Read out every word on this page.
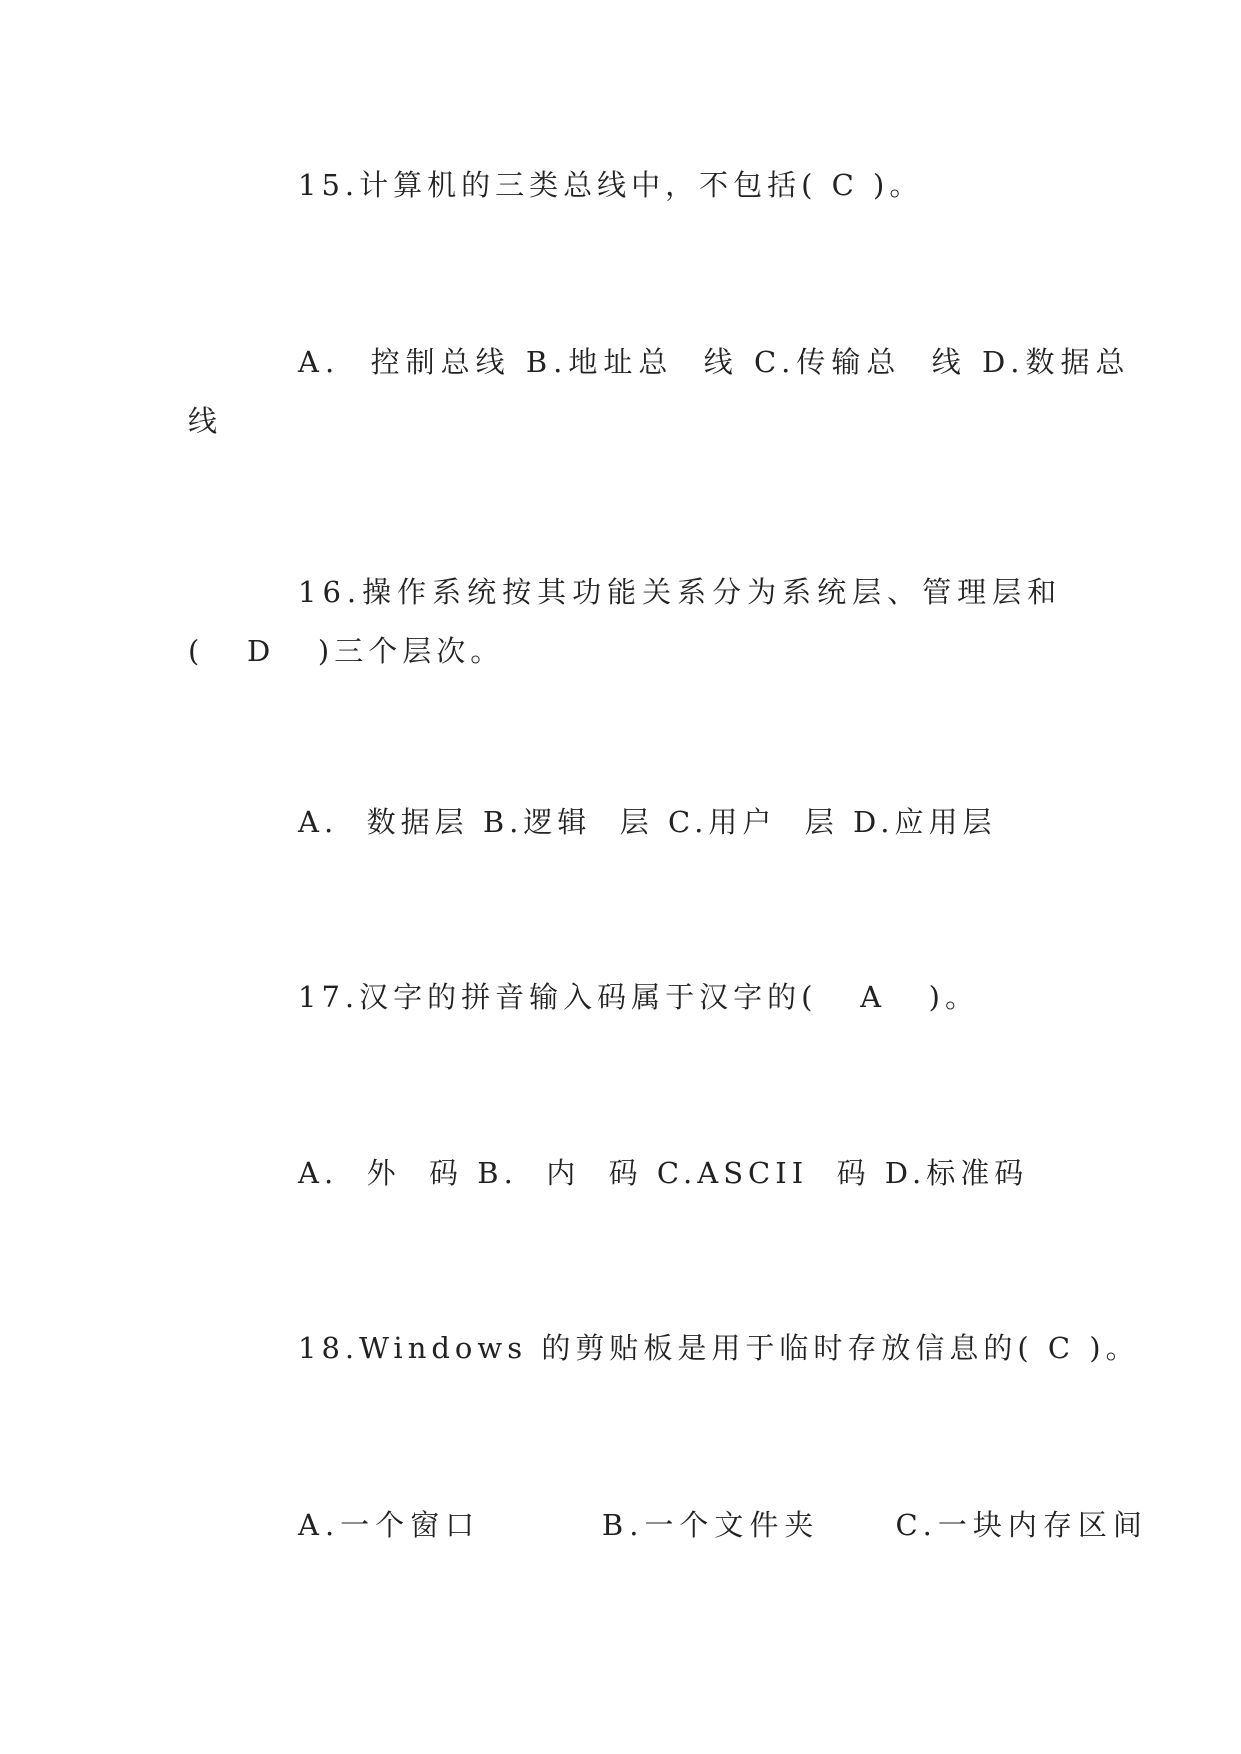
15.计算机的三类总线中，不包括( C )。
A.  控制总线 B.地址总  线 C.传输总  线 D.数据总
线
16.操作系统按其功能关系分为系统层、管理层和
(   D   )三个层次。
A.  数据层 B.逻辑  层 C.用户  层 D.应用层
17.汉字的拼音输入码属于汉字的(   A   )。
A.  外  码 B.  内  码 C.ASCII  码 D.标准码
18.Windows 的剪贴板是用于临时存放信息的( C )。
A.一个窗口        B.一个文件夹     C.一块内存区间
